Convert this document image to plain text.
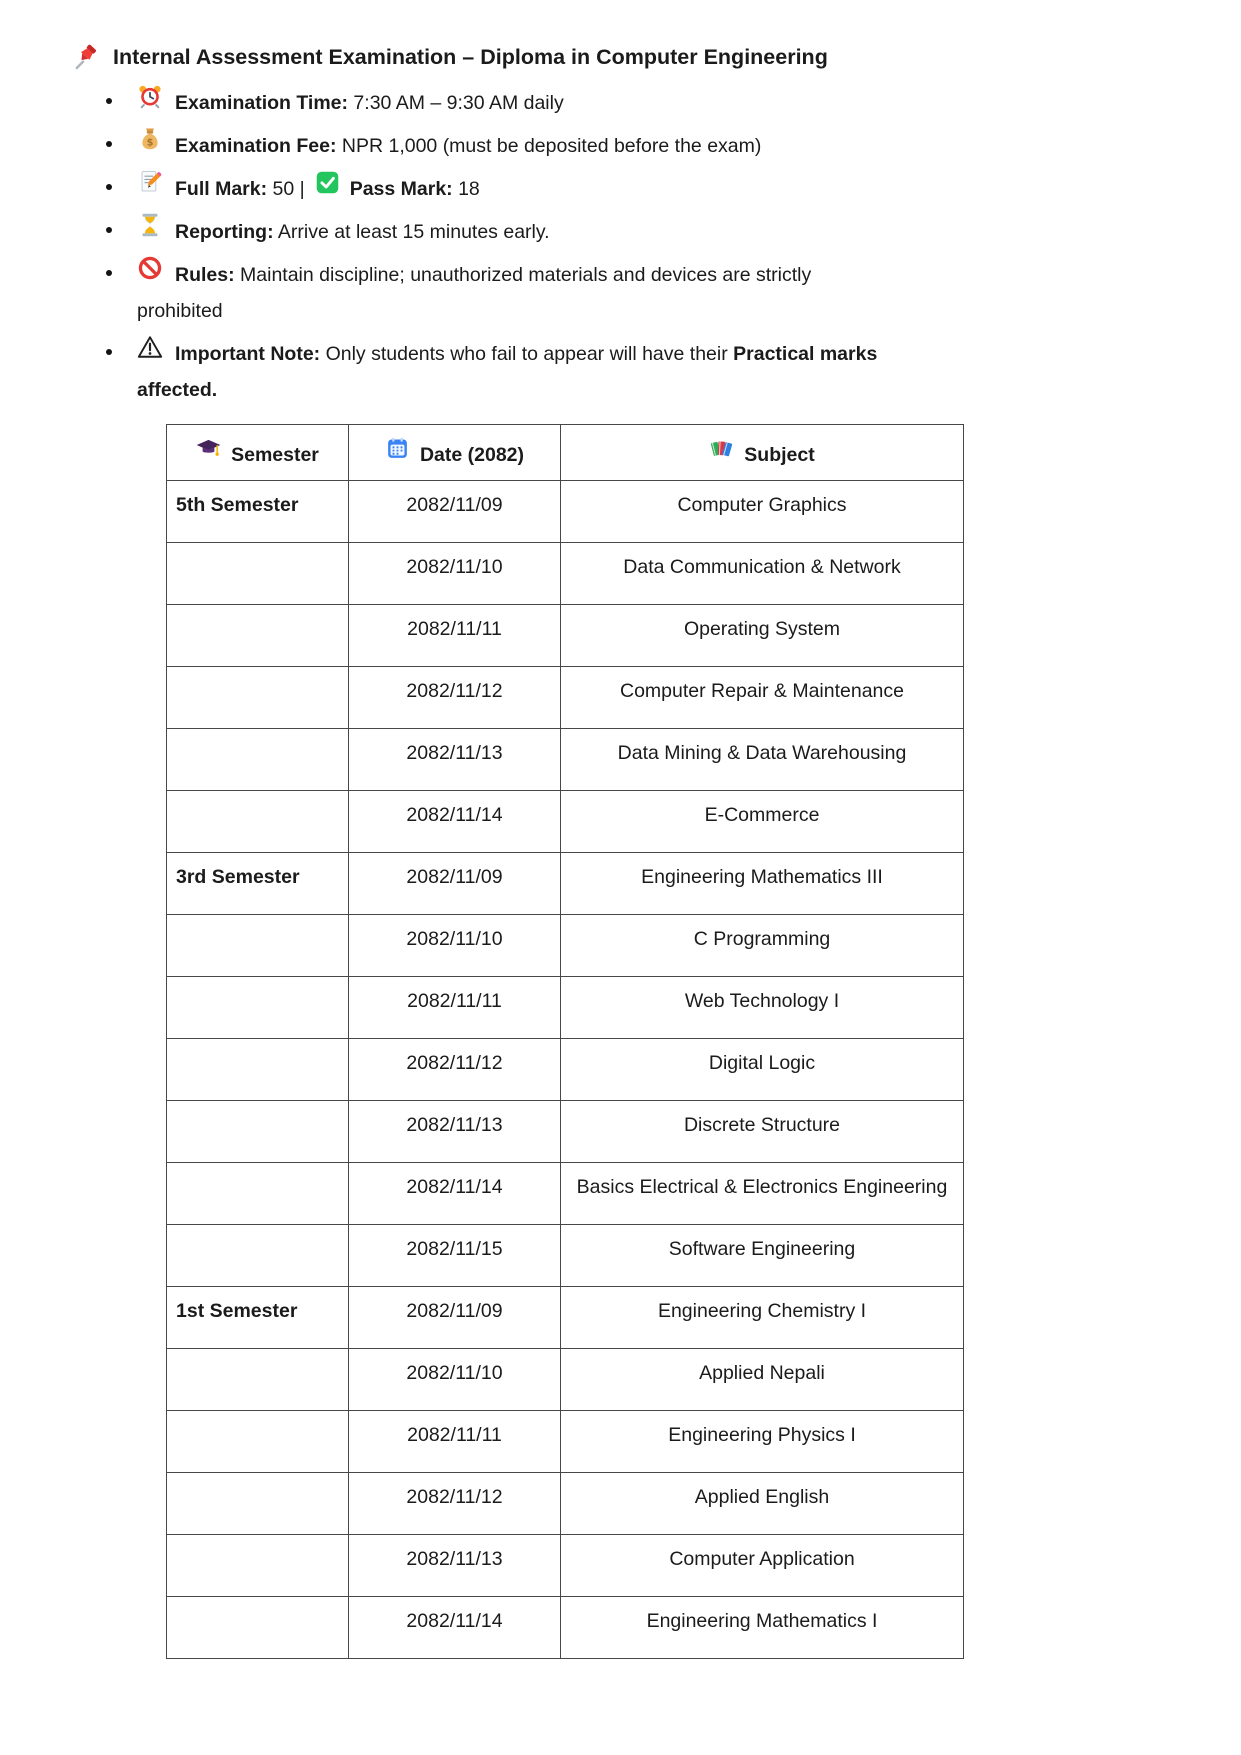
Internal Assessment Examination – Diploma in Computer Engineering
Examination Time: 7:30 AM – 9:30 AM daily
$ Examination Fee: NPR 1,000 (must be deposited before the exam)
Full Mark: 50 | Pass Mark: 18
Reporting: Arrive at least 15 minutes early.
Rules: Maintain discipline; unauthorized materials and devices are strictly
prohibited
Important Note: Only students who fail to appear will have their Practical marks
affected.
Semester	Date (2082)	Subject
5th Semester	2082/11/09	Computer Graphics
	2082/11/10	Data Communication & Network
	2082/11/11	Operating System
	2082/11/12	Computer Repair & Maintenance
	2082/11/13	Data Mining & Data Warehousing
	2082/11/14	E-Commerce
3rd Semester	2082/11/09	Engineering Mathematics III
	2082/11/10	C Programming
	2082/11/11	Web Technology I
	2082/11/12	Digital Logic
	2082/11/13	Discrete Structure
	2082/11/14	Basics Electrical & Electronics Engineering
	2082/11/15	Software Engineering
1st Semester	2082/11/09	Engineering Chemistry I
	2082/11/10	Applied Nepali
	2082/11/11	Engineering Physics I
	2082/11/12	Applied English
	2082/11/13	Computer Application
	2082/11/14	Engineering Mathematics I
